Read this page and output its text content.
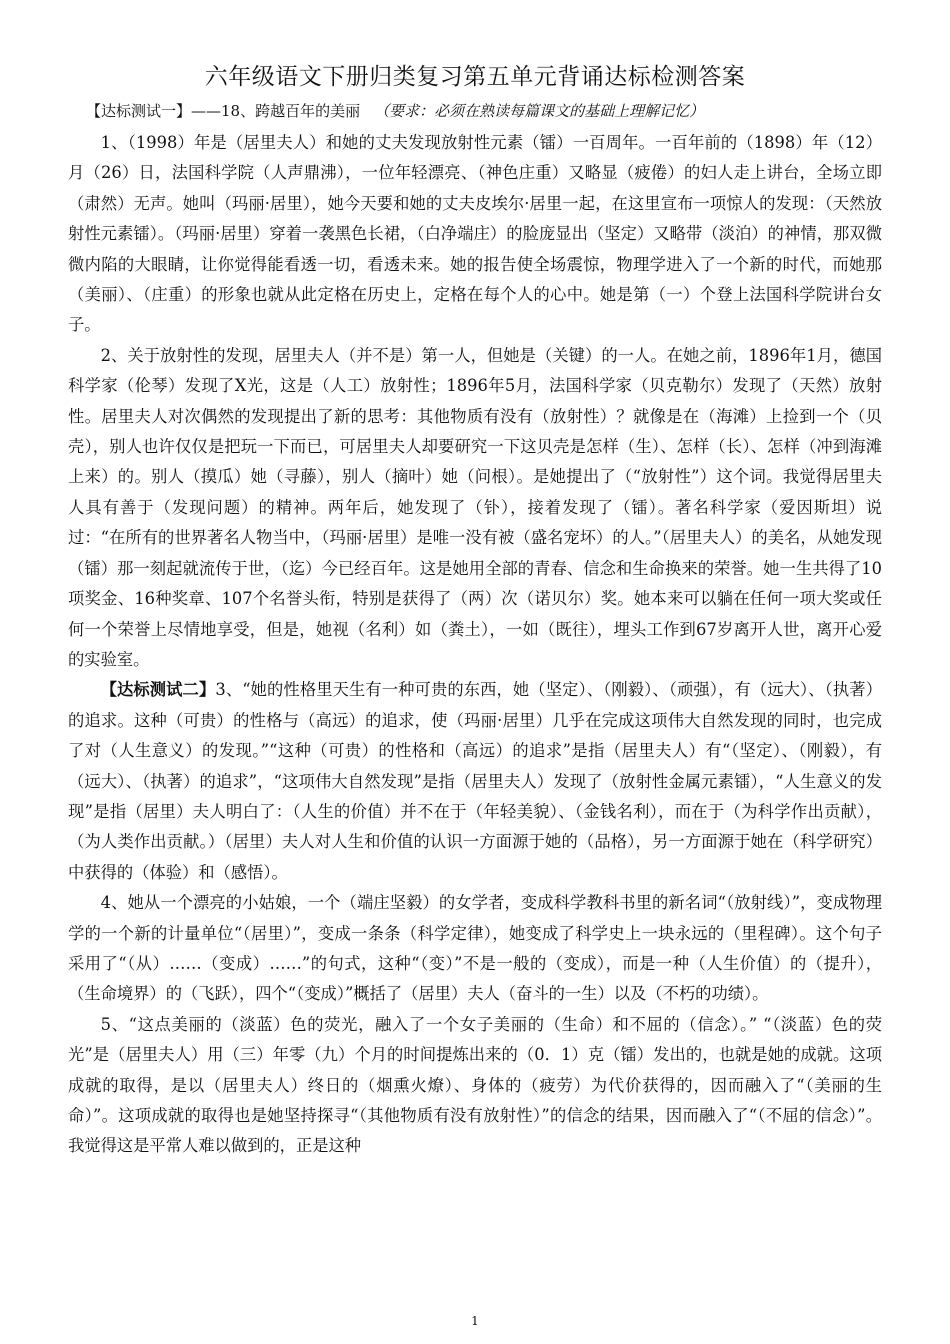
六年级语文下册归类复习第五单元背诵达标检测答案
【达标测试一】——18、跨越百年的美丽 （要求：必须在熟读每篇课文的基础上理解记忆）

1、（1998）年是（居里夫人）和她的丈夫发现放射性元素（镭）一百周年。一百年前的（1898）年（12）月（26）日，法国科学院（人声鼎沸），一位年轻漂亮、（神色庄重）又略显（疲倦）的妇人走上讲台，全场立即（肃然）无声。她叫（玛丽·居里），她今天要和她的丈夫皮埃尔·居里一起，在这里宣布一项惊人的发现：（天然放射性元素镭）。（玛丽·居里）穿着一袭黑色长裙，（白净端庄）的脸庞显出（坚定）又略带（淡泊）的神情，那双微微内陷的大眼睛，让你觉得能看透一切，看透未来。她的报告使全场震惊，物理学进入了一个新的时代，而她那（美丽）、（庄重）的形象也就从此定格在历史上，定格在每个人的心中。她是第（一）个登上法国科学院讲台女子。

2、关于放射性的发现，居里夫人（并不是）第一人，但她是（关键）的一人。在她之前，1896年1月，德国科学家（伦琴）发现了X光，这是（人工）放射性；1896年5月，法国科学家（贝克勒尔）发现了（天然）放射性。居里夫人对次偶然的发现提出了新的思考：其他物质有没有（放射性）？就像是在（海滩）上捡到一个（贝壳），别人也许仅仅是把玩一下而已，可居里夫人却要研究一下这贝壳是怎样（生）、怎样（长）、怎样（冲到海滩上来）的。别人（摸瓜）她（寻藤），别人（摘叶）她（问根）。是她提出了（“放射性”）这个词。我觉得居里夫人具有善于（发现问题）的精神。两年后，她发现了（钋），接着发现了（镭）。著名科学家（爱因斯坦）说过：“在所有的世界著名人物当中，（玛丽·居里）是唯一没有被（盛名宠坏）的人。”（居里夫人）的美名，从她发现（镭）那一刻起就流传于世，（迄）今已经百年。这是她用全部的青春、信念和生命换来的荣誉。她一生共得了10项奖金、16种奖章、107个名誉头衔，特别是获得了（两）次（诺贝尔）奖。她本来可以躺在任何一项大奖或任何一个荣誉上尽情地享受，但是，她视（名利）如（粪土），一如（既往），埋头工作到67岁离开人世，离开心爱的实验室。

【达标测试二】3、“她的性格里天生有一种可贵的东西，她（坚定）、（刚毅）、（顽强），有（远大）、（执著）的追求。这种（可贵）的性格与（高远）的追求，使（玛丽·居里）几乎在完成这项伟大自然发现的同时，也完成了对（人生意义）的发现。”“这种（可贵）的性格和（高远）的追求”是指（居里夫人）有“（坚定）、（刚毅），有（远大）、（执著）的追求”，“这项伟大自然发现”是指（居里夫人）发现了（放射性金属元素镭），“人生意义的发现”是指（居里）夫人明白了：（人生的价值）并不在于（年轻美貌）、（金钱名利），而在于（为科学作出贡献），（为人类作出贡献。）（居里）夫人对人生和价值的认识一方面源于她的（品格），另一方面源于她在（科学研究）中获得的（体验）和（感悟）。

4、她从一个漂亮的小姑娘，一个（端庄坚毅）的女学者，变成科学教科书里的新名词“（放射线）”，变成物理学的一个新的计量单位“（居里）”，变成一条条（科学定律），她变成了科学史上一块永远的（里程碑）。这个句子采用了“（从）……（变成）……”的句式，这种“（变）”不是一般的（变成），而是一种（人生价值）的（提升），（生命境界）的（飞跃），四个“（变成）”概括了（居里）夫人（奋斗的一生）以及（不朽的功绩）。

5、“这点美丽的（淡蓝）色的荧光，融入了一个女子美丽的（生命）和不屈的（信念）。” “（淡蓝）色的荧光”是（居里夫人）用（三）年零（九）个月的时间提炼出来的（0．1）克（镭）发出的，也就是她的成就。这项成就的取得，是以（居里夫人）终日的（烟熏火燎）、身体的（疲劳）为代价获得的，因而融入了“（美丽的生命）”。这项成就的取得也是她坚持探寻“（其他物质有没有放射性）”的信念的结果，因而融入了“（不屈的信念）”。我觉得这是平常人难以做到的，正是这种

1
